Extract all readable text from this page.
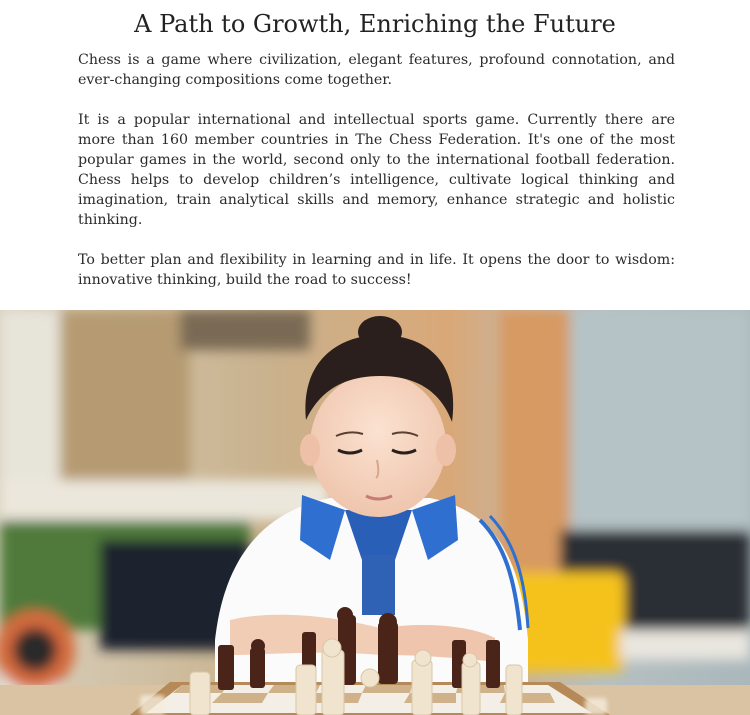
A Path to Growth, Enriching the Future

Chess is a game where civilization, elegant features, profound connotation, and ever-changing compositions come together.

It is a popular international and intellectual sports game. Currently there are more than 160 member countries in The Chess Federation. It's one of the most popular games in the world, second only to the international football federation. Chess helps to develop children’s intelligence, cultivate logical thinking and imagination, train analytical skills and memory, enhance strategic and holistic thinking.

To better plan and flexibility in learning and in life. It opens the door to wisdom: innovative thinking, build the road to success!
